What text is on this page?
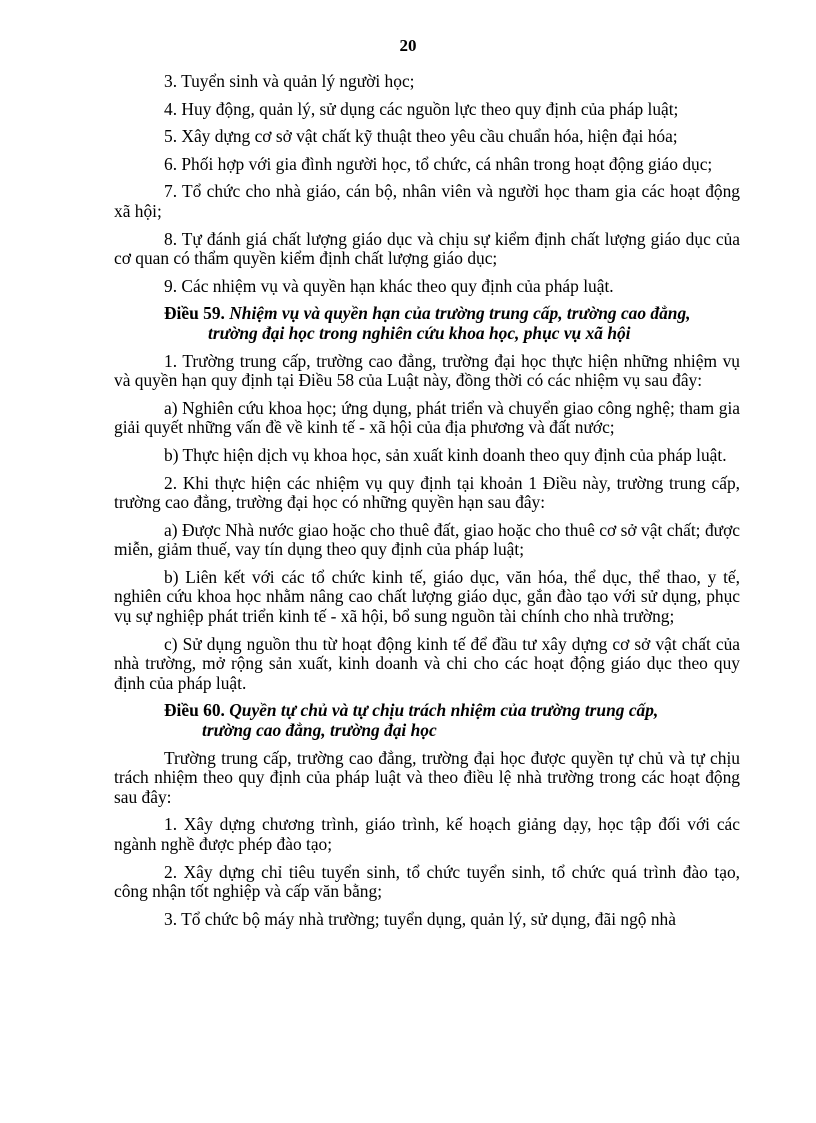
20

3. Tuyển sinh và quản lý người học;

4. Huy động, quản lý, sử dụng các nguồn lực theo quy định của pháp luật;

5. Xây dựng cơ sở vật chất kỹ thuật theo yêu cầu chuẩn hóa, hiện đại hóa;

6. Phối hợp với gia đình người học, tổ chức, cá nhân trong hoạt động giáo dục;

7. Tổ chức cho nhà giáo, cán bộ, nhân viên và người học tham gia các hoạt động xã hội;

8. Tự đánh giá chất lượng giáo dục và chịu sự kiểm định chất lượng giáo dục của cơ quan có thẩm quyền kiểm định chất lượng giáo dục;

9. Các nhiệm vụ và quyền hạn khác theo quy định của pháp luật.

Điều 59. Nhiệm vụ và quyền hạn của trường trung cấp, trường cao đẳng,
trường đại học trong nghiên cứu khoa học, phục vụ xã hội

1. Trường trung cấp, trường cao đẳng, trường đại học thực hiện những nhiệm vụ và quyền hạn quy định tại Điều 58 của Luật này, đồng thời có các nhiệm vụ sau đây:

a) Nghiên cứu khoa học; ứng dụng, phát triển và chuyển giao công nghệ; tham gia giải quyết những vấn đề về kinh tế - xã hội của địa phương và đất nước;

b) Thực hiện dịch vụ khoa học, sản xuất kinh doanh theo quy định của pháp luật.

2. Khi thực hiện các nhiệm vụ quy định tại khoản 1 Điều này, trường trung cấp, trường cao đẳng, trường đại học có những quyền hạn sau đây:

a) Được Nhà nước giao hoặc cho thuê đất, giao hoặc cho thuê cơ sở vật chất; được miễn, giảm thuế, vay tín dụng theo quy định của pháp luật;

b) Liên kết với các tổ chức kinh tế, giáo dục, văn hóa, thể dục, thể thao, y tế, nghiên cứu khoa học nhằm nâng cao chất lượng giáo dục, gắn đào tạo với sử dụng, phục vụ sự nghiệp phát triển kinh tế - xã hội, bổ sung nguồn tài chính cho nhà trường;

c) Sử dụng nguồn thu từ hoạt động kinh tế để đầu tư xây dựng cơ sở vật chất của nhà trường, mở rộng sản xuất, kinh doanh và chi cho các hoạt động giáo dục theo quy định của pháp luật.

Điều 60. Quyền tự chủ và tự chịu trách nhiệm của trường trung cấp,
trường cao đẳng, trường đại học

Trường trung cấp, trường cao đẳng, trường đại học được quyền tự chủ và tự chịu trách nhiệm theo quy định của pháp luật và theo điều lệ nhà trường trong các hoạt động sau đây:

1. Xây dựng chương trình, giáo trình, kế hoạch giảng dạy, học tập đối với các ngành nghề được phép đào tạo;

2. Xây dựng chỉ tiêu tuyển sinh, tổ chức tuyển sinh, tổ chức quá trình đào tạo, công nhận tốt nghiệp và cấp văn bằng;

3. Tổ chức bộ máy nhà trường; tuyển dụng, quản lý, sử dụng, đãi ngộ nhà
